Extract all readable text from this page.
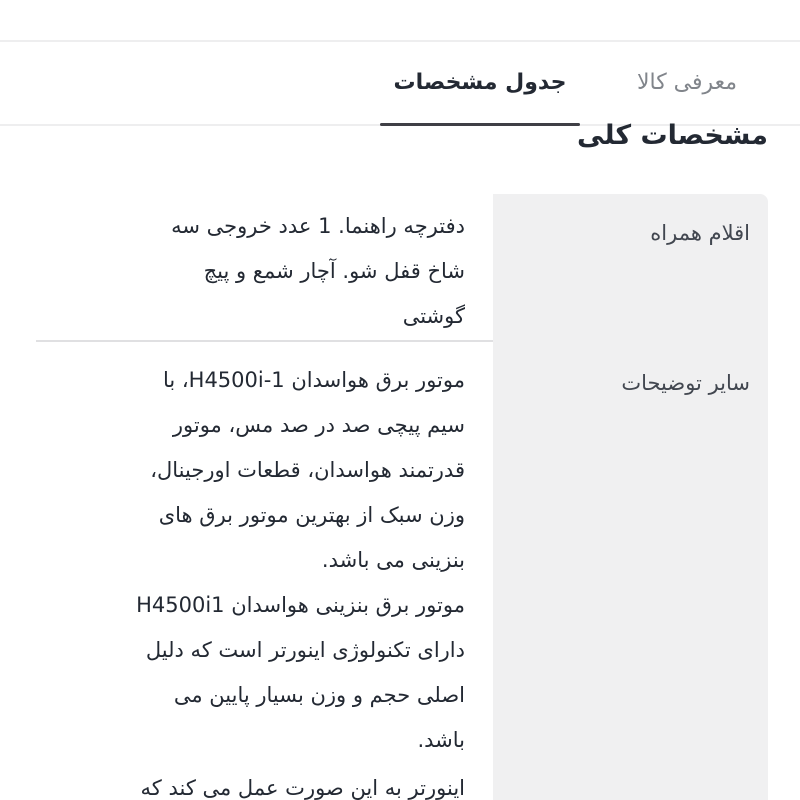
معرفی کالا
جدول مشخصات
مشخصات کلی
اقلام همراه

دفترچه راهنما. 1 عدد خروجی سه

شاخ قفل شو. آچار شمع و پیچ

گوشتی

سایر توضیحات

موتور برق هواسدان H4500i-1، با

سیم پیچی صد در صد مس، موتور

قدرتمند هواسدان، قطعات اورجینال،

وزن سبک از بهترین موتور برق های

بنزینی می باشد.

موتور برق بنزینی هواسدان H4500i1

دارای تکنولوژی اینورتر است که دلیل

اصلی حجم و وزن بسیار پایین می

باشد.

اینورتر به این صورت عمل می کند که
